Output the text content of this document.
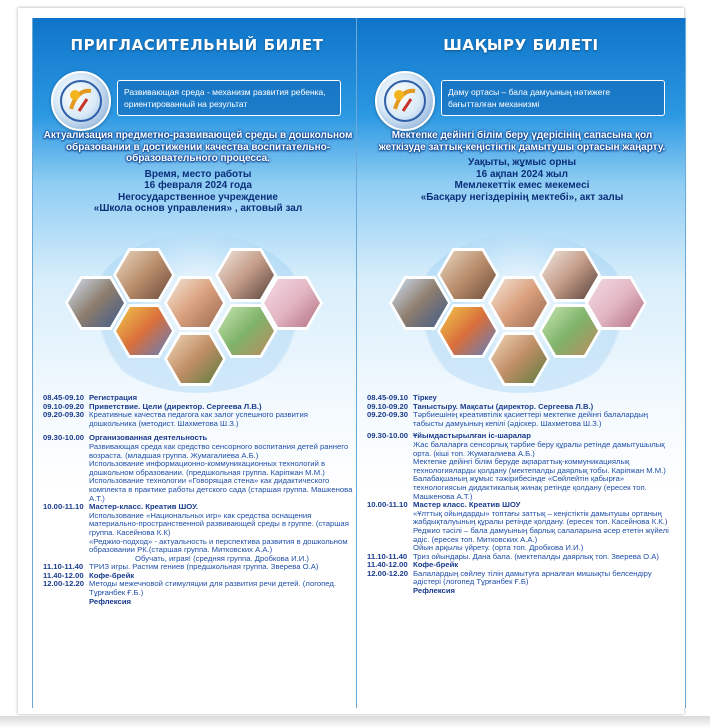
ПРИГЛАСИТЕЛЬНЫЙ БИЛЕТ
Развивающая среда - механизм развития ребенка, ориентированный на результат
Актуализация предметно-развивающей среды в дошкольном образовании в достижении качества воспитательно-образовательного процесса.
Время, место работы
16 февраля 2024 года
Негосударственное учреждение
«Школа основ управления» , актовый зал
08.45-09.10 Регистрация
09.10-09.20 Приветствие. Цели (директор. Сергеева Л.В.)
09.20-09.30 Креативные качества педагога как залог успешного развития дошкольника (методист. Шахметова Ш.З.)
09.30-10.00 Организованная деятельность
Развивающая среда как средство сенсорного воспитания детей раннего возраста. (младшая группа. Жумагалиева А.Б.)
Использование информационно-коммуникационных технологий в дошкольном образовании. (предшкольная группа. Карiпжан М.М.)
Использование технологии «Говорящая стена» как дидактического комплекта в практике работы детского сада (старшая группа. Машкенова А.Т.)
10.00-11.10 Мастер-класс. Креатив ШОУ.
Использование «Национальных игр» как средства оснащения материально-пространственной развивающей среды в группе. (старшая группа. Касейнова К.К)
«Реджио-подход» - актуальность и перспектива развития в дошкольном образовании РК.(старшая группа. Митковских А.А.)
Обучать, играя! (средняя группа. Дробкова И.И.)
11.10-11.40 ТРИЗ игры. Растим гениев (предшкольная группа. Зверева О.А)
11.40-12.00 Кофе-брейк
12.00-12.20 Методы межечновой стимуляции для развития речи детей. (логопед. Тұрғанбек Ғ.Б.)
Рефлексия
ШАҚЫРУ БИЛЕТІ
Даму ортасы – бала дамуының нәтижеге бағытталған механизмі
Мектепке дейінгі білім беру үдерісінің сапасына қол жеткізуде заттық-кеңістіктік дамытушы ортасын жаңарту.
Уақыты, жұмыс орны
16 ақпан 2024 жыл
Мемлекеттік емес мекемесі
«Басқару негіздерінің мектебі», акт залы
08.45-09.10 Тіркеу
09.10-09.20 Таныстыру. Мақсаты (директор. Сергеева Л.В.)
09.20-09.30 Тәрбиешінің креативтілік қасиеттері мектепке дейінгі балалардың табысты дамуының кепілі (әдіскер. Шахметова Ш.З.)
09.30-10.00 Ұйымдастырылған іс-шаралар
Жас балаларға сенсорлық тәрбие беру құралы ретінде дамытушылық орта. (кіші топ. Жумагалиева А.Б.)
Мектепке дейінгі білім беруде ақпараттық-коммуникациялық технологияларды қолдану (мектепалды даярлық тобы. Карiпжан М.М.)
Балабақшаның жұмыс тәжірибесінде «Сөйлейтін қабырға» технологиясын дидактикалық жинақ ретінде қолдану (ересек топ. Машкенова А.Т.)
10.00-11.10 Мастер класс. Креатив ШОУ
«Ұлттық ойындарды» топтағы заттық – кеңістіктік дамытушы ортаның жабдықталуының құралы ретінде қолдану. (ересек топ. Касейнова К.К.)
Реджио тәсілі – бала дамуының барлық салаларына әсер ететін жүйелі әдіс. (ересек топ. Митковских А.А.)
Ойын арқылы үйрету. (орта топ. Дробкова И.И.)
11.10-11.40 Триз ойындары. Дана бала. (мектепалды даярлық топ. Зверева О.А)
11.40-12.00 Кофе-брейк
12.00-12.20 Балалардың сөйлеу тілін дамытуға арналған мишықты белсендіру әдістері (логопед Тұрғанбек Ғ.Б)
Рефлексия
